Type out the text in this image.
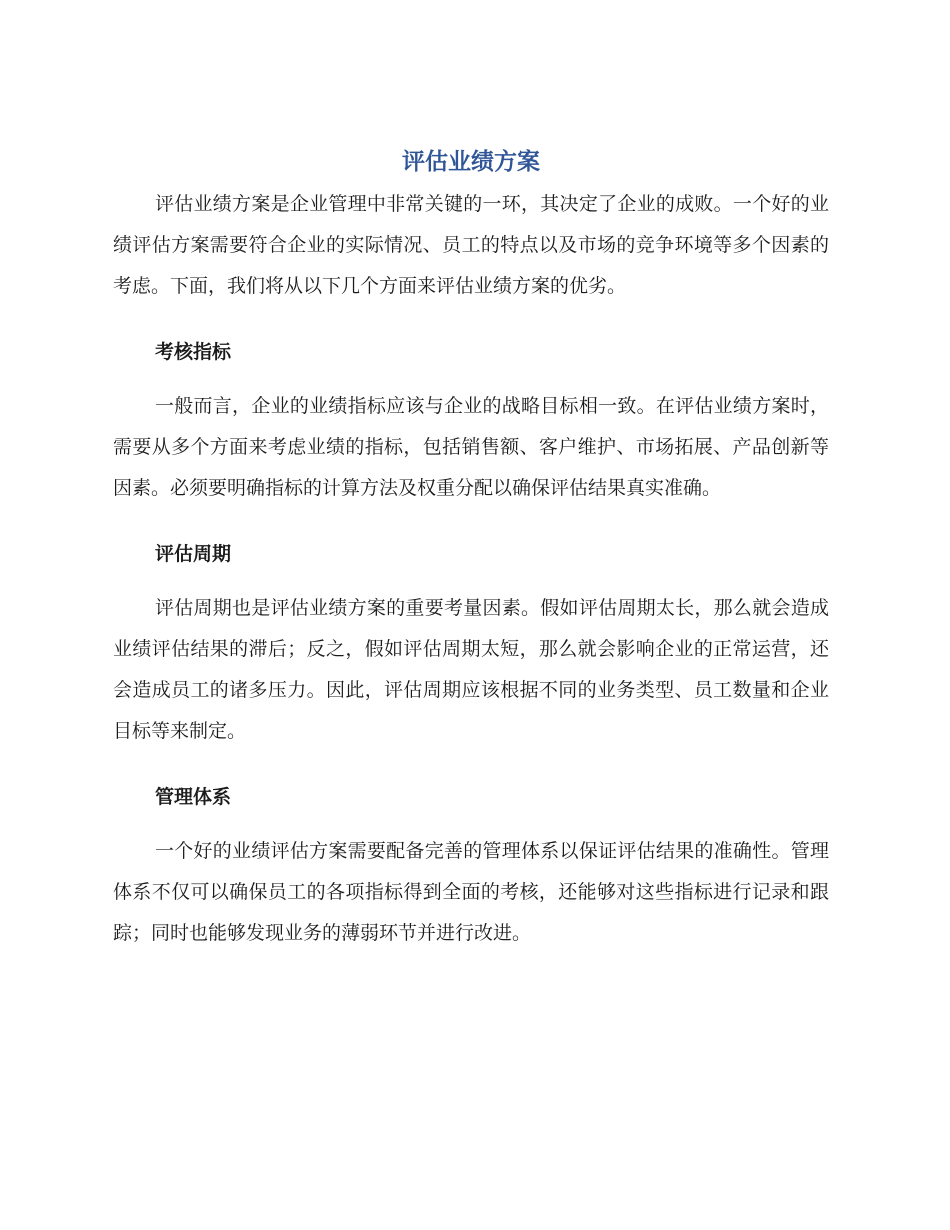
评估业绩方案

评估业绩方案是企业管理中非常关键的一环，其决定了企业的成败。一个好的业绩评估方案需要符合企业的实际情况、员工的特点以及市场的竞争环境等多个因素的考虑。下面，我们将从以下几个方面来评估业绩方案的优劣。

考核指标

一般而言，企业的业绩指标应该与企业的战略目标相一致。在评估业绩方案时，需要从多个方面来考虑业绩的指标，包括销售额、客户维护、市场拓展、产品创新等因素。必须要明确指标的计算方法及权重分配以确保评估结果真实准确。

评估周期

评估周期也是评估业绩方案的重要考量因素。假如评估周期太长，那么就会造成业绩评估结果的滞后；反之，假如评估周期太短，那么就会影响企业的正常运营，还会造成员工的诸多压力。因此，评估周期应该根据不同的业务类型、员工数量和企业目标等来制定。

管理体系

一个好的业绩评估方案需要配备完善的管理体系以保证评估结果的准确性。管理体系不仅可以确保员工的各项指标得到全面的考核，还能够对这些指标进行记录和跟踪；同时也能够发现业务的薄弱环节并进行改进。
